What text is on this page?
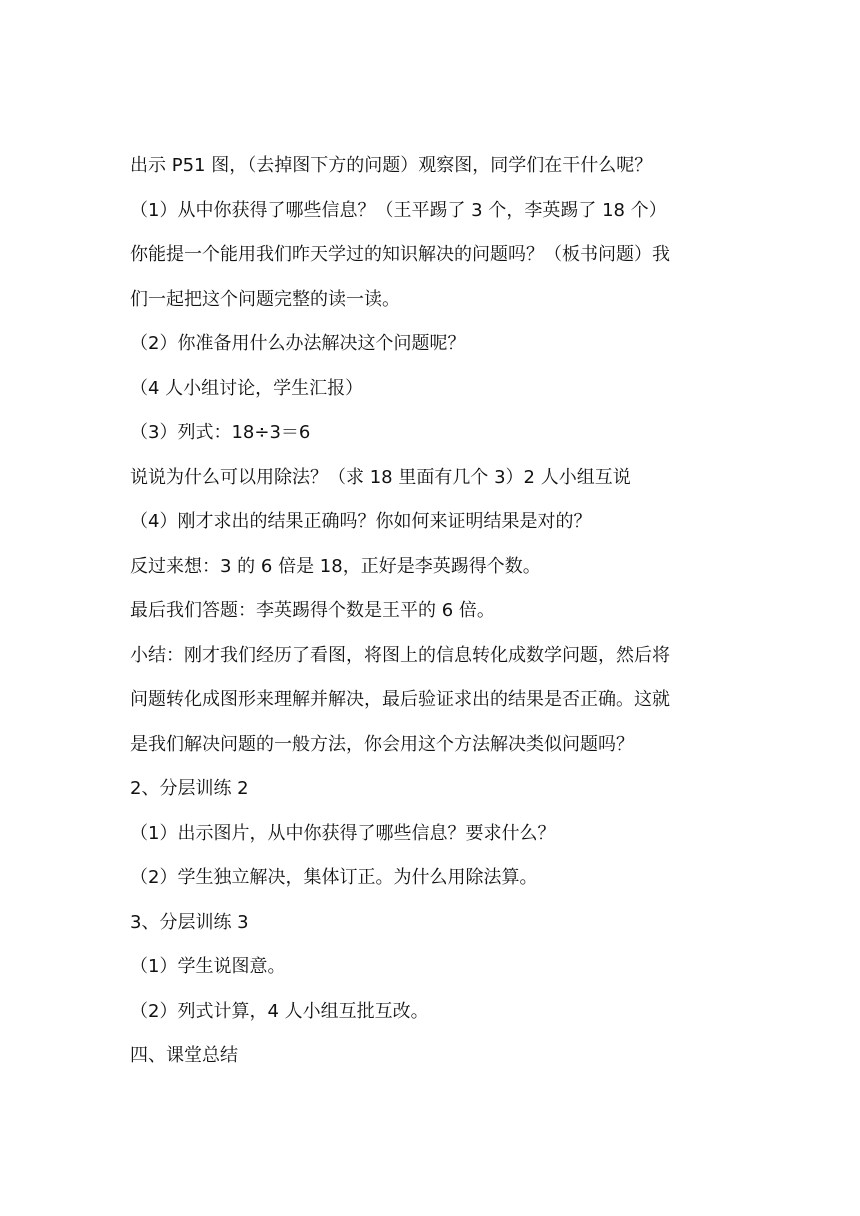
出示 P51 图，（去掉图下方的问题）观察图，同学们在干什么呢？
（1）从中你获得了哪些信息？（王平踢了 3 个，李英踢了 18 个）
你能提一个能用我们昨天学过的知识解决的问题吗？（板书问题）我
们一起把这个问题完整的读一读。
（2）你准备用什么办法解决这个问题呢？
（4 人小组讨论，学生汇报）
（3）列式：18÷3＝6
说说为什么可以用除法？（求 18 里面有几个 3）2 人小组互说
（4）刚才求出的结果正确吗？你如何来证明结果是对的？
反过来想：3 的 6 倍是 18，正好是李英踢得个数。
最后我们答题：李英踢得个数是王平的 6 倍。
小结：刚才我们经历了看图，将图上的信息转化成数学问题，然后将
问题转化成图形来理解并解决，最后验证求出的结果是否正确。这就
是我们解决问题的一般方法，你会用这个方法解决类似问题吗？
2、分层训练 2
（1）出示图片，从中你获得了哪些信息？要求什么？
（2）学生独立解决，集体订正。为什么用除法算。
3、分层训练 3
（1）学生说图意。
（2）列式计算，4 人小组互批互改。
四、课堂总结
